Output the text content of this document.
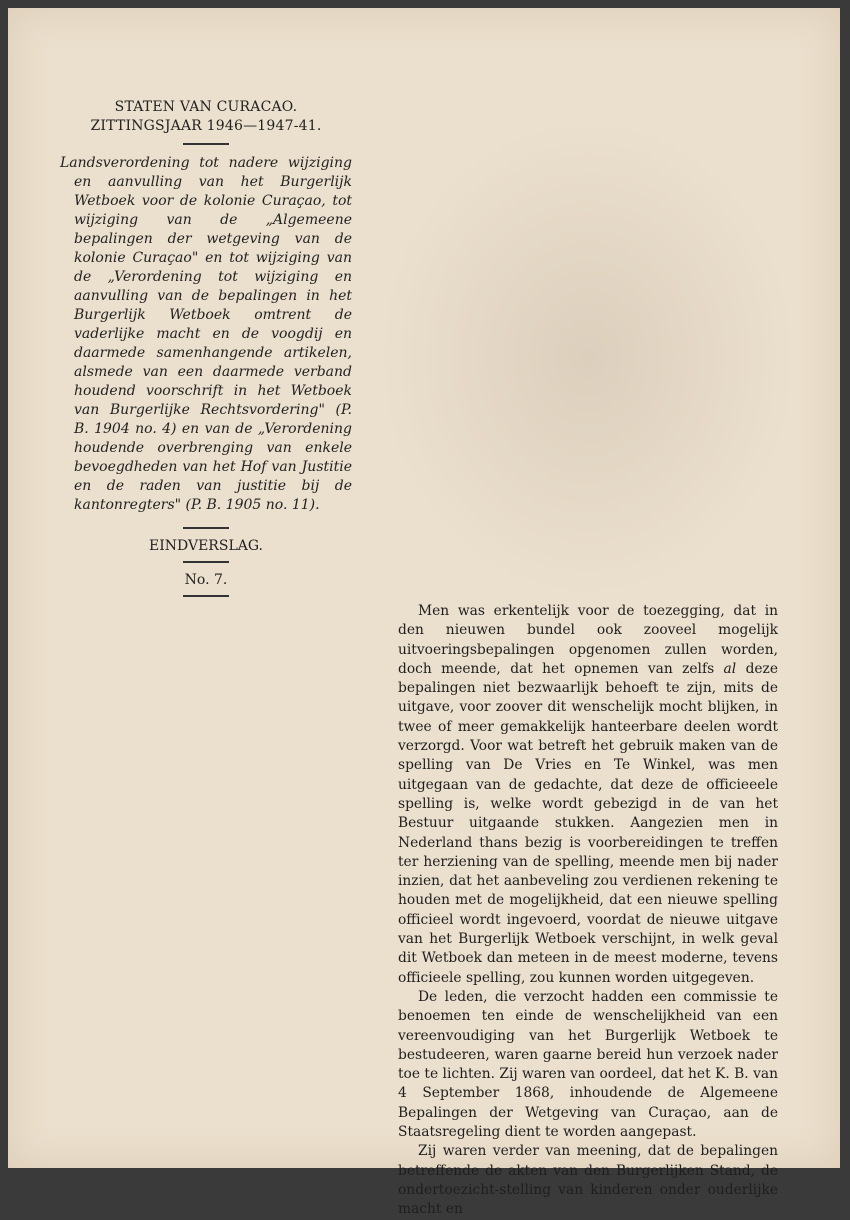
STATEN VAN CURACAO.
ZITTINGSJAAR 1946—1947-41.
Landsverordening tot nadere wijziging en aanvulling van het Burgerlijk Wetboek voor de kolonie Curaçao, tot wijziging van de „Algemeene bepalingen der wetgeving van de kolonie Curaçao" en tot wijziging van de „Verordening tot wijziging en aanvulling van de bepalingen in het Burgerlijk Wetboek omtrent de vaderlijke macht en de voogdij en daarmede samenhangende artikelen, alsmede van een daarmede verband houdend voorschrift in het Wetboek van Burgerlijke Rechtsvordering" (P. B. 1904 no. 4) en van de „Verordening houdende overbrenging van enkele bevoegdheden van het Hof van Justitie en de raden van justitie bij de kantonregters" (P. B. 1905 no. 11).
EINDVERSLAG.
No. 7.

Men was erkentelijk voor de toezegging, dat in den nieuwen bundel ook zooveel mogelijk uitvoeringsbepalingen opgenomen zullen worden, doch meende, dat het opnemen van zelfs al deze bepalingen niet bezwaarlijk behoeft te zijn, mits de uitgave, voor zoover dit wenschelijk mocht blijken, in twee of meer gemakkelijk hanteerbare deelen wordt verzorgd. Voor wat betreft het gebruik maken van de spelling van De Vries en Te Winkel, was men uitgegaan van de gedachte, dat deze de officieeele spelling is, welke wordt gebezigd in de van het Bestuur uitgaande stukken. Aangezien men in Nederland thans bezig is voorbereidingen te treffen ter herziening van de spelling, meende men bij nader inzien, dat het aanbeveling zou verdienen rekening te houden met de mogelijkheid, dat een nieuwe spelling officieel wordt ingevoerd, voordat de nieuwe uitgave van het Burgerlijk Wetboek verschijnt, in welk geval dit Wetboek dan meteen in de meest moderne, tevens officieele spelling, zou kunnen worden uitgegeven.

De leden, die verzocht hadden een commissie te benoemen ten einde de wenschelijkheid van een vereenvoudiging van het Burgerlijk Wetboek te bestudeeren, waren gaarne bereid hun verzoek nader toe te lichten. Zij waren van oordeel, dat het K. B. van 4 September 1868, inhoudende de Algemeene Bepalingen der Wetgeving van Curaçao, aan de Staatsregeling dient te worden aangepast.

Zij waren verder van meening, dat de bepalingen betreffende de akten van den Burgerlijken Stand, de ondertoezicht-stelling van kinderen onder ouderlijke macht en
